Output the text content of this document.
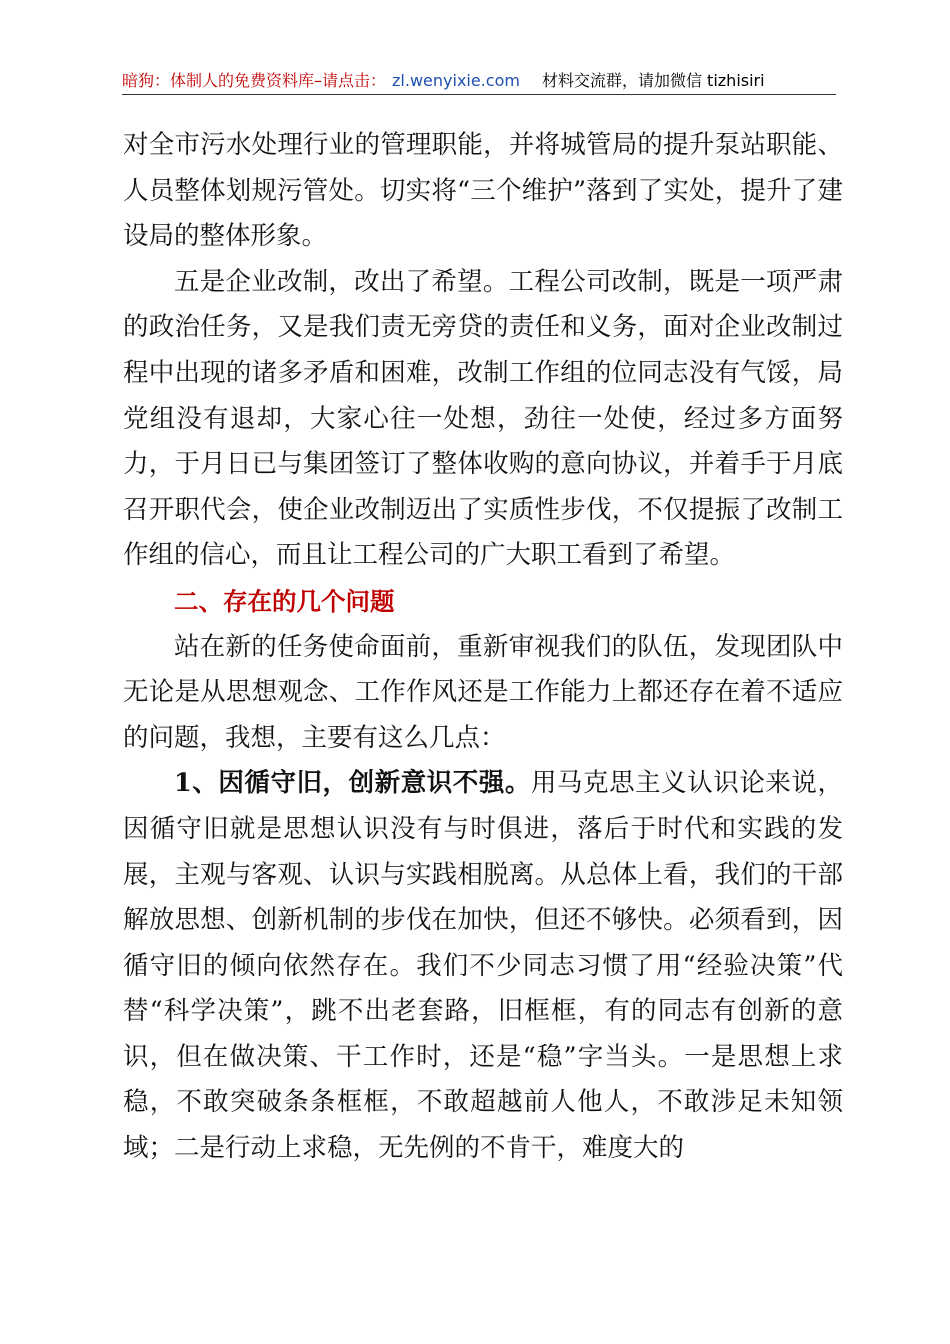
暗狗：体制人的免费资料库–请点击： zl.wenyixie.com 材料交流群，请加微信 tizhisiri

对全市污水处理行业的管理职能，并将城管局的提升泵站职能、人员整体划规污管处。切实将“三个维护”落到了实处，提升了建设局的整体形象。

五是企业改制，改出了希望。工程公司改制，既是一项严肃的政治任务，又是我们责无旁贷的责任和义务，面对企业改制过程中出现的诸多矛盾和困难，改制工作组的位同志没有气馁，局党组没有退却，大家心往一处想，劲往一处使，经过多方面努力，于月日已与集团签订了整体收购的意向协议，并着手于月底召开职代会，使企业改制迈出了实质性步伐，不仅提振了改制工作组的信心，而且让工程公司的广大职工看到了希望。

二、存在的几个问题

站在新的任务使命面前，重新审视我们的队伍，发现团队中无论是从思想观念、工作作风还是工作能力上都还存在着不适应的问题，我想，主要有这么几点：

1、因循守旧，创新意识不强。用马克思主义认识论来说，因循守旧就是思想认识没有与时俱进，落后于时代和实践的发展，主观与客观、认识与实践相脱离。从总体上看，我们的干部解放思想、创新机制的步伐在加快，但还不够快。必须看到，因循守旧的倾向依然存在。我们不少同志习惯了用“经验决策”代替“科学决策”，跳不出老套路，旧框框，有的同志有创新的意识，但在做决策、干工作时，还是“稳”字当头。一是思想上求稳，不敢突破条条框框，不敢超越前人他人，不敢涉足未知领域；二是行动上求稳，无先例的不肯干，难度大的
